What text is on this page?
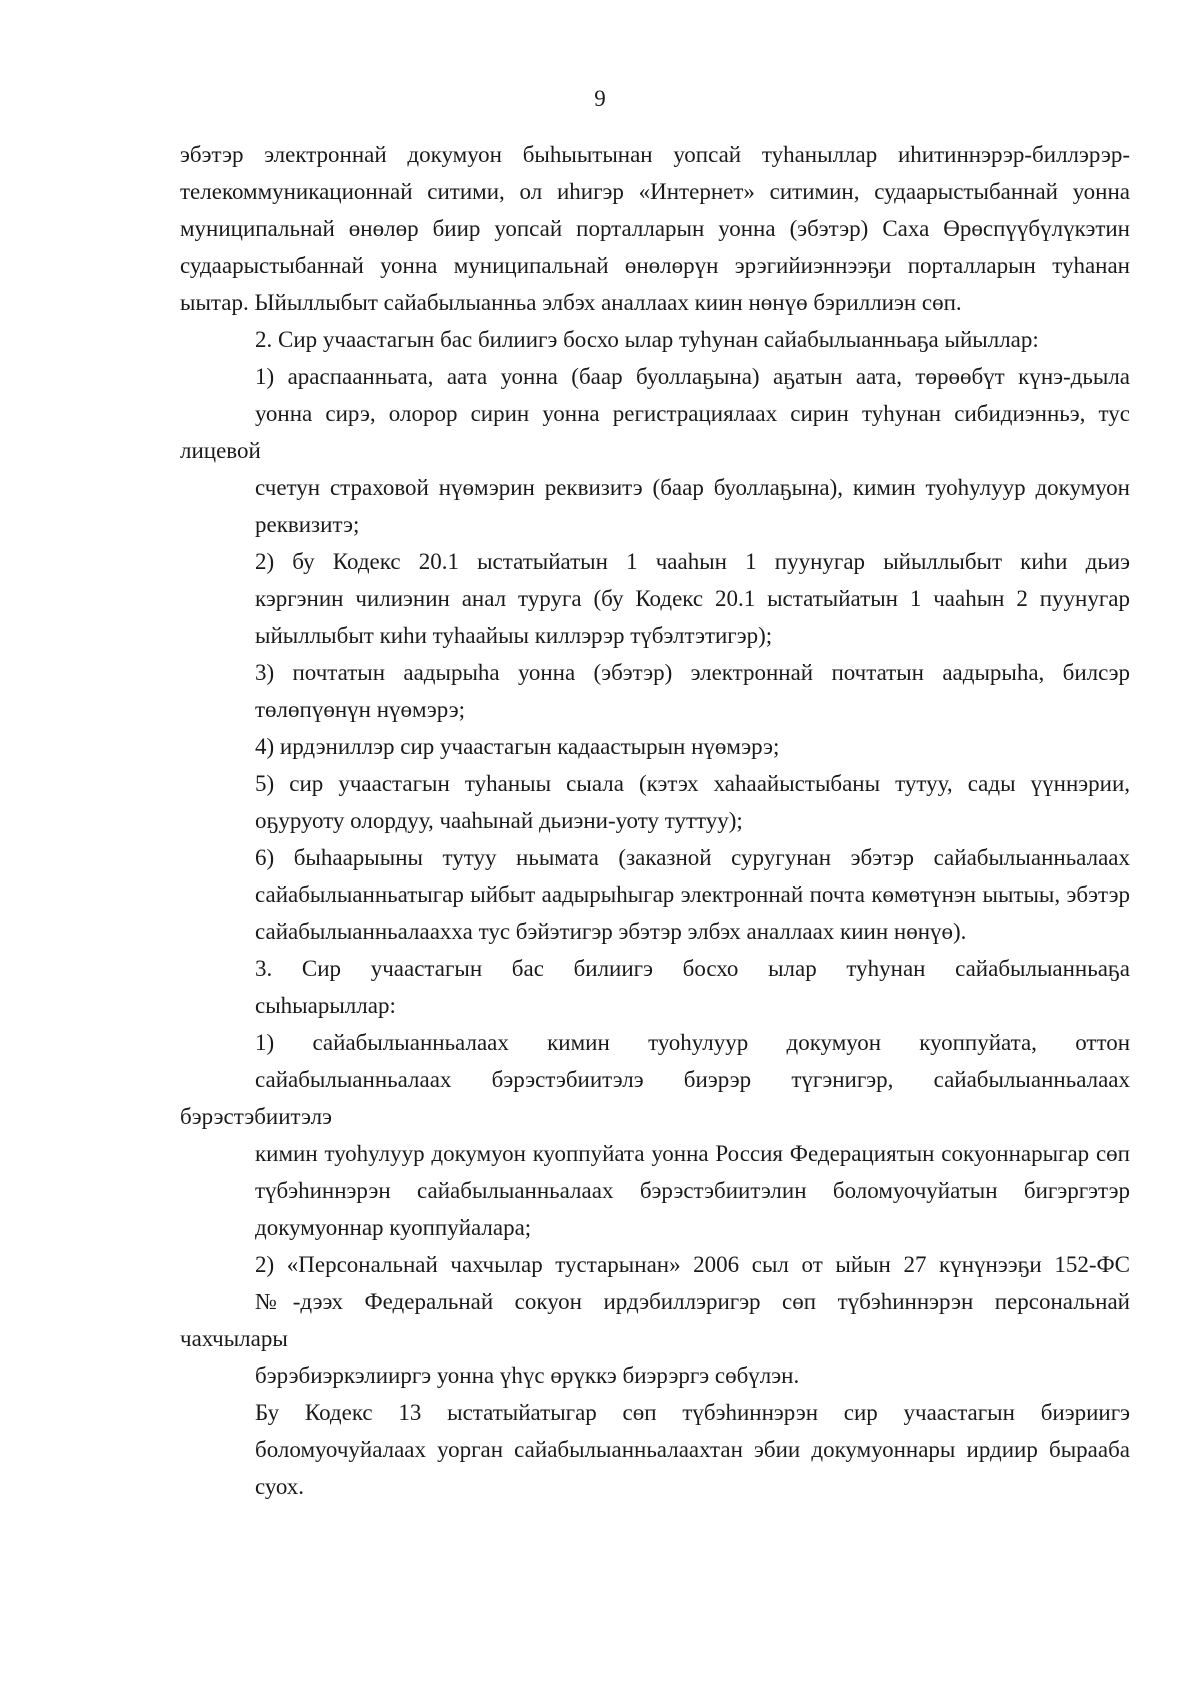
9

эбэтэр электроннай докумуон быһыытынан уопсай туһаныллар иһитиннэрэр-биллэрэр-
телекоммуникационнай ситими, ол иһигэр «Интернет» ситимин, судаарыстыбаннай уонна
муниципальнай өнөлөр биир уопсай порталларын уонна (эбэтэр) Саха Өрөспүүбүлүкэтин
судаарыстыбаннай уонна муниципальнай өнөлөрүн эрэгийиэннээҕи порталларын туһанан
ыытар. Ыйыллыбыт сайабылыанньа элбэх аналлаах киин нөнүө бэриллиэн сөп.

2. Сир учаастагын бас билиигэ босхо ылар туһунан сайабылыанньаҕа ыйыллар:

1) араспаанньата, аата уонна (баар буоллаҕына) аҕатын аата, төрөөбүт күнэ-дьыла
уонна сирэ, олорор сирин уонна регистрациялаах сирин туһунан сибидиэнньэ, тус лицевой
счетун страховой нүөмэрин реквизитэ (баар буоллаҕына), кимин туоһулуур докумуон
реквизитэ;

2) бу Кодекс 20.1 ыстатыйатын 1 чааһын 1 пуунугар ыйыллыбыт киһи дьиэ
кэргэнин чилиэнин анал туруга (бу Кодекс 20.1 ыстатыйатын 1 чааһын 2 пуунугар
ыйыллыбыт киһи туһаайыы киллэрэр түбэлтэтигэр);

3) почтатын аадырыһа уонна (эбэтэр) электроннай почтатын аадырыһа, билсэр
төлөпүөнүн нүөмэрэ;

4) ирдэниллэр сир учаастагын кадаастырын нүөмэрэ;

5) сир учаастагын туһаныы сыала (кэтэх хаһаайыстыбаны тутуу, сады үүннэрии,
оҕуруоту олордуу, чааһынай дьиэни-уоту туттуу);

6) быһаарыыны тутуу ньымата (заказной суругунан эбэтэр сайабылыанньалаах
сайабылыанньатыгар ыйбыт аадырыһыгар электроннай почта көмөтүнэн ыытыы, эбэтэр
сайабылыанньалаахха тус бэйэтигэр эбэтэр элбэх аналлаах киин нөнүө).

3. Сир учаастагын бас билиигэ босхо ылар туһунан сайабылыанньаҕа
сыһыарыллар:

1) сайабылыанньалаах кимин туоһулуур докумуон куоппуйата, оттон
сайабылыанньалаах бэрэстэбиитэлэ биэрэр түгэнигэр, сайабылыанньалаах бэрэстэбиитэлэ
кимин туоһулуур докумуон куоппуйата уонна Россия Федерациятын сокуоннарыгар сөп
түбэһиннэрэн сайабылыанньалаах бэрэстэбиитэлин боломуочуйатын бигэргэтэр
докумуоннар куоппуйалара;

2) «Персональнай чахчылар тустарынан» 2006 сыл от ыйын 27 күнүнээҕи 152-ФС
№-дээх Федеральнай сокуон ирдэбиллэригэр сөп түбэһиннэрэн персональнай чахчылары
бэрэбиэркэлииргэ уонна үһүс өрүккэ биэрэргэ сөбүлэн.

Бу Кодекс 13 ыстатыйатыгар сөп түбэһиннэрэн сир учаастагын биэриигэ
боломуочуйалаах уорган сайабылыанньалаахтан эбии докумуоннары ирдиир бырааба
суох.
